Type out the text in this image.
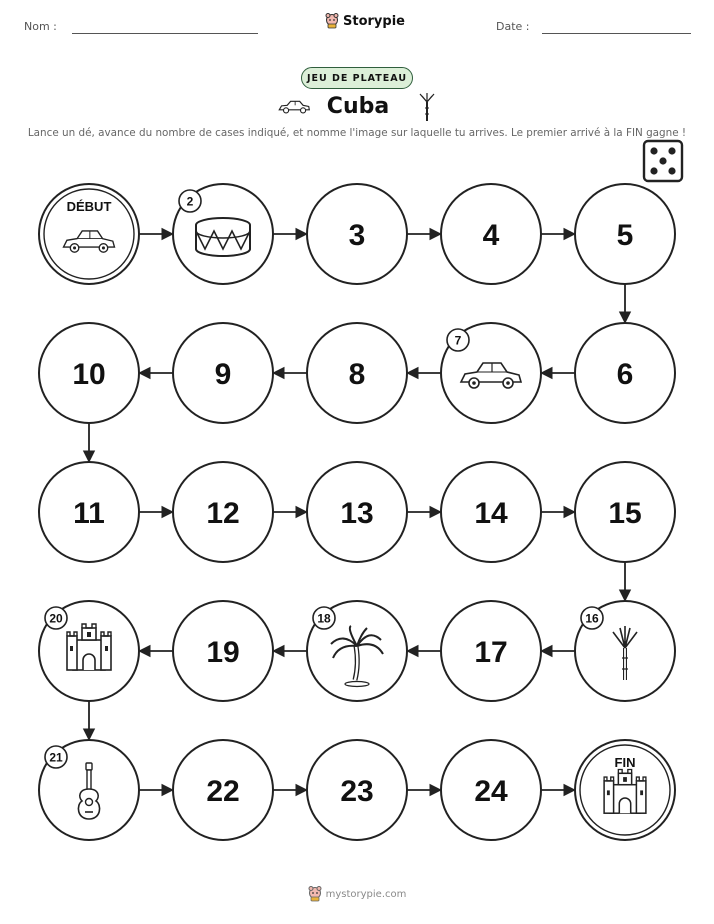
Nom :	Storypie	Date :
JEU DE PLATEAU
Cuba
Lance un dé, avance du nombre de cases indiqué, et nomme l'image sur laquelle tu arrives. Le premier arrivé à la FIN gagne !
DÉBUT	2
3	4	5
6
7
8
9
10
11	12	13	14	15
16
17
18
19
20
21
22	23	24
FIN
mystorypie.com
